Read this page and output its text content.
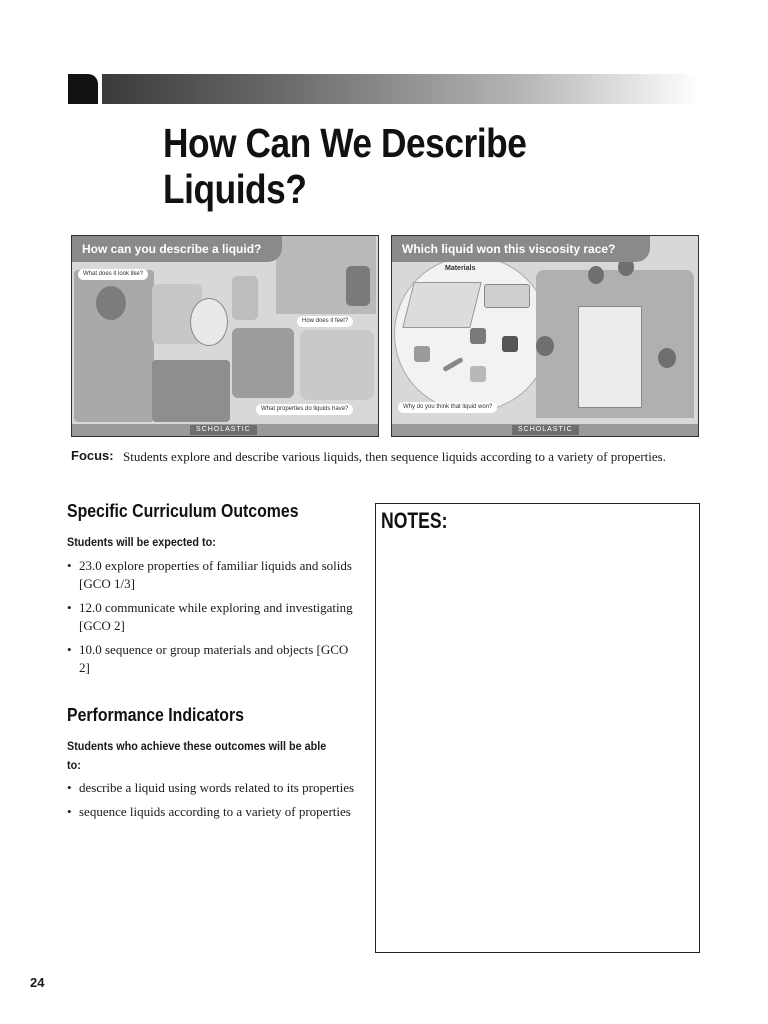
How Can We Describe Liquids?
How can you describe a liquid?
What does it look like?
How does it feel?
What properties do liquids have?
SCHOLASTIC
Materials
Which liquid won this viscosity race?
Why do you think that liquid won?
SCHOLASTIC
Focus: Students explore and describe various liquids, then sequence liquids according to a variety of properties.

Specific Curriculum Outcomes

Students will be expected to:

• 23.0 explore properties of familiar liquids and solids [GCO 1/3]
• 12.0 communicate while exploring and investigating [GCO 2]
• 10.0 sequence or group materials and objects [GCO 2]
Performance Indicators

Students who achieve these outcomes will be able to:

• describe a liquid using words related to its properties
• sequence liquids according to a variety of properties
NOTES:
24
